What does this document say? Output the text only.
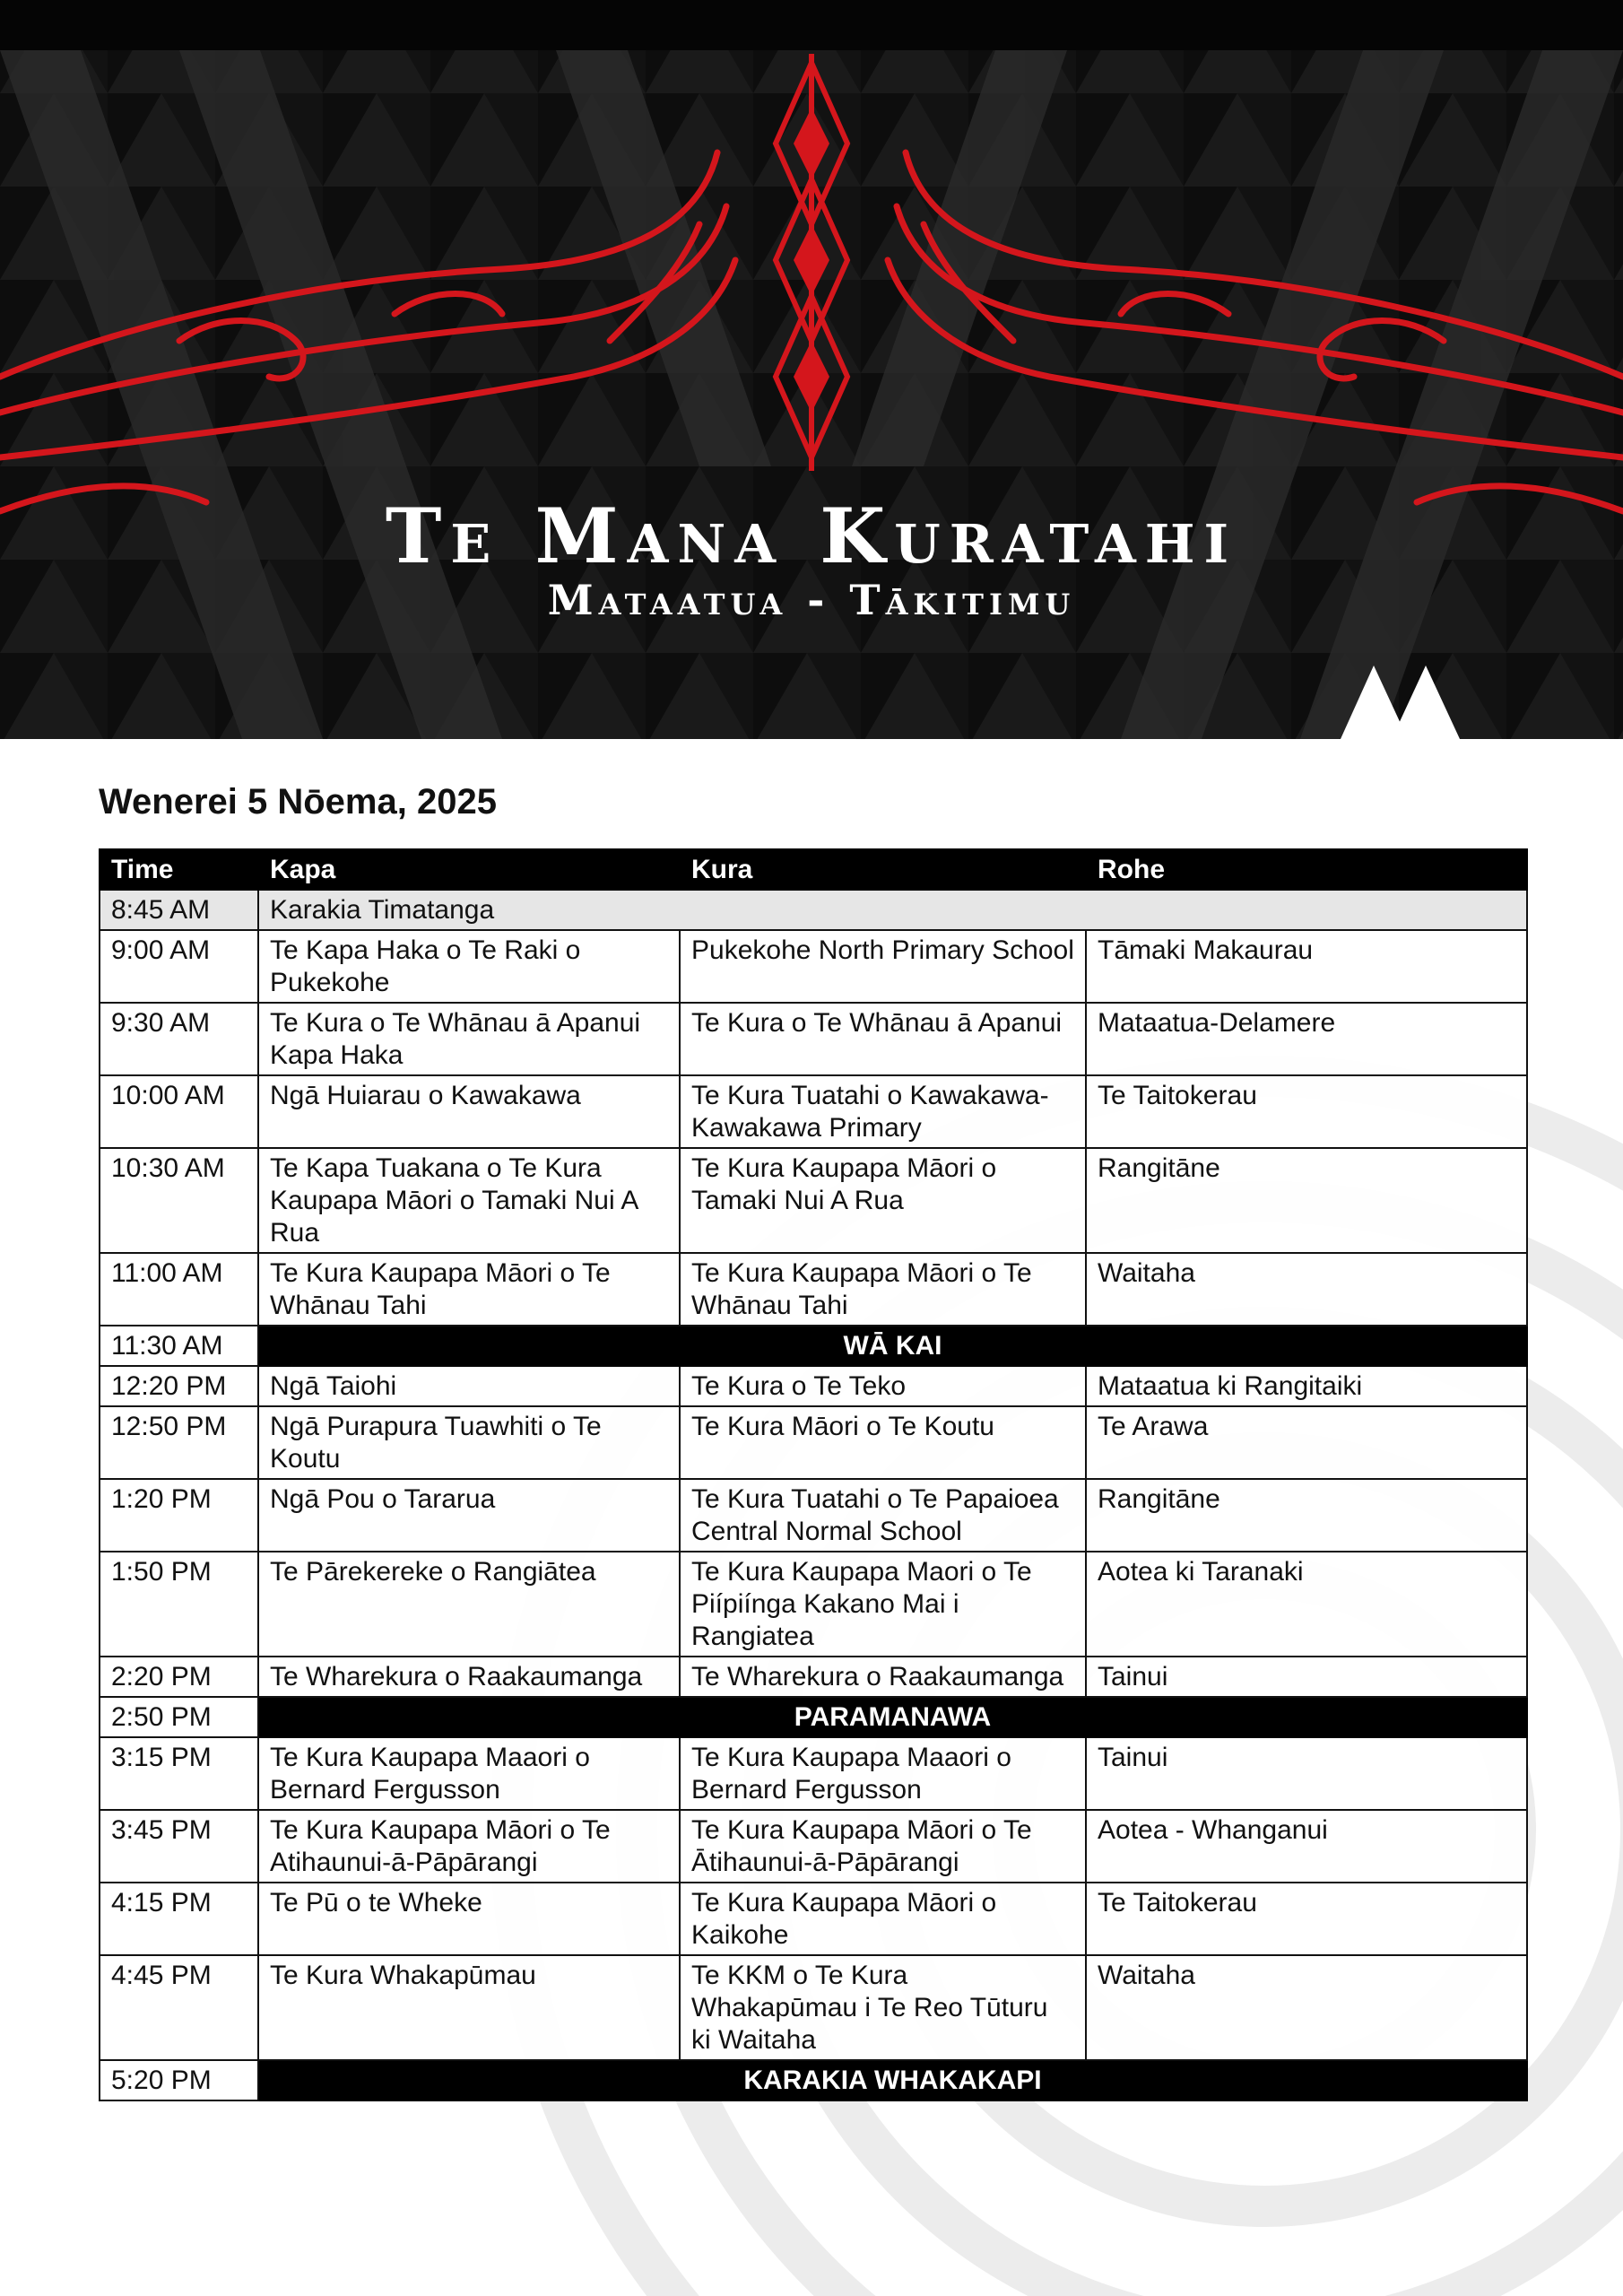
Te Mana Kuratahi
Mataatua - Tākitimu
Wenerei 5 Nōema, 2025
Time	Kapa	Kura	Rohe
8:45 AM	Karakia Timatanga		
9:00 AM	Te Kapa Haka o Te Raki o Pukekohe	Pukekohe North Primary School	Tāmaki Makaurau
9:30 AM	Te Kura o Te Whānau ā Apanui Kapa Haka	Te Kura o Te Whānau ā Apanui	Mataatua-Delamere
10:00 AM	Ngā Huiarau o Kawakawa	Te Kura Tuatahi o Kawakawa-Kawakawa Primary	Te Taitokerau
10:30 AM	Te Kapa Tuakana o Te Kura Kaupapa Māori o Tamaki Nui A Rua	Te Kura Kaupapa Māori o Tamaki Nui A Rua	Rangitāne
11:00 AM	Te Kura Kaupapa Māori o Te Whānau Tahi	Te Kura Kaupapa Māori o Te Whānau Tahi	Waitaha
11:30 AM	WĀ KAI		
12:20 PM	Ngā Taiohi	Te Kura o Te Teko	Mataatua ki Rangitaiki
12:50 PM	Ngā Purapura Tuawhiti o Te Koutu	Te Kura Māori o Te Koutu	Te Arawa
1:20 PM	Ngā Pou o Tararua	Te Kura Tuatahi o Te Papaioea Central Normal School	Rangitāne
1:50 PM	Te Pārekereke o Rangiātea	Te Kura Kaupapa Maori o Te Piípiínga Kakano Mai i Rangiatea	Aotea ki Taranaki
2:20 PM	Te Wharekura o Raakaumanga	Te Wharekura o Raakaumanga	Tainui
2:50 PM	PARAMANAWA		
3:15 PM	Te Kura Kaupapa Maaori o Bernard Fergusson	Te Kura Kaupapa Maaori o Bernard Fergusson	Tainui
3:45 PM	Te Kura Kaupapa Māori o Te Atihaunui-ā-Pāpārangi	Te Kura Kaupapa Māori o Te Ātihaunui-ā-Pāpārangi	Aotea - Whanganui
4:15 PM	Te Pū o te Wheke	Te Kura Kaupapa Māori o Kaikohe	Te Taitokerau
4:45 PM	Te Kura Whakapūmau	Te KKM o Te Kura Whakapūmau i Te Reo Tūturu ki Waitaha	Waitaha
5:20 PM	KARAKIA WHAKAKAPI		
